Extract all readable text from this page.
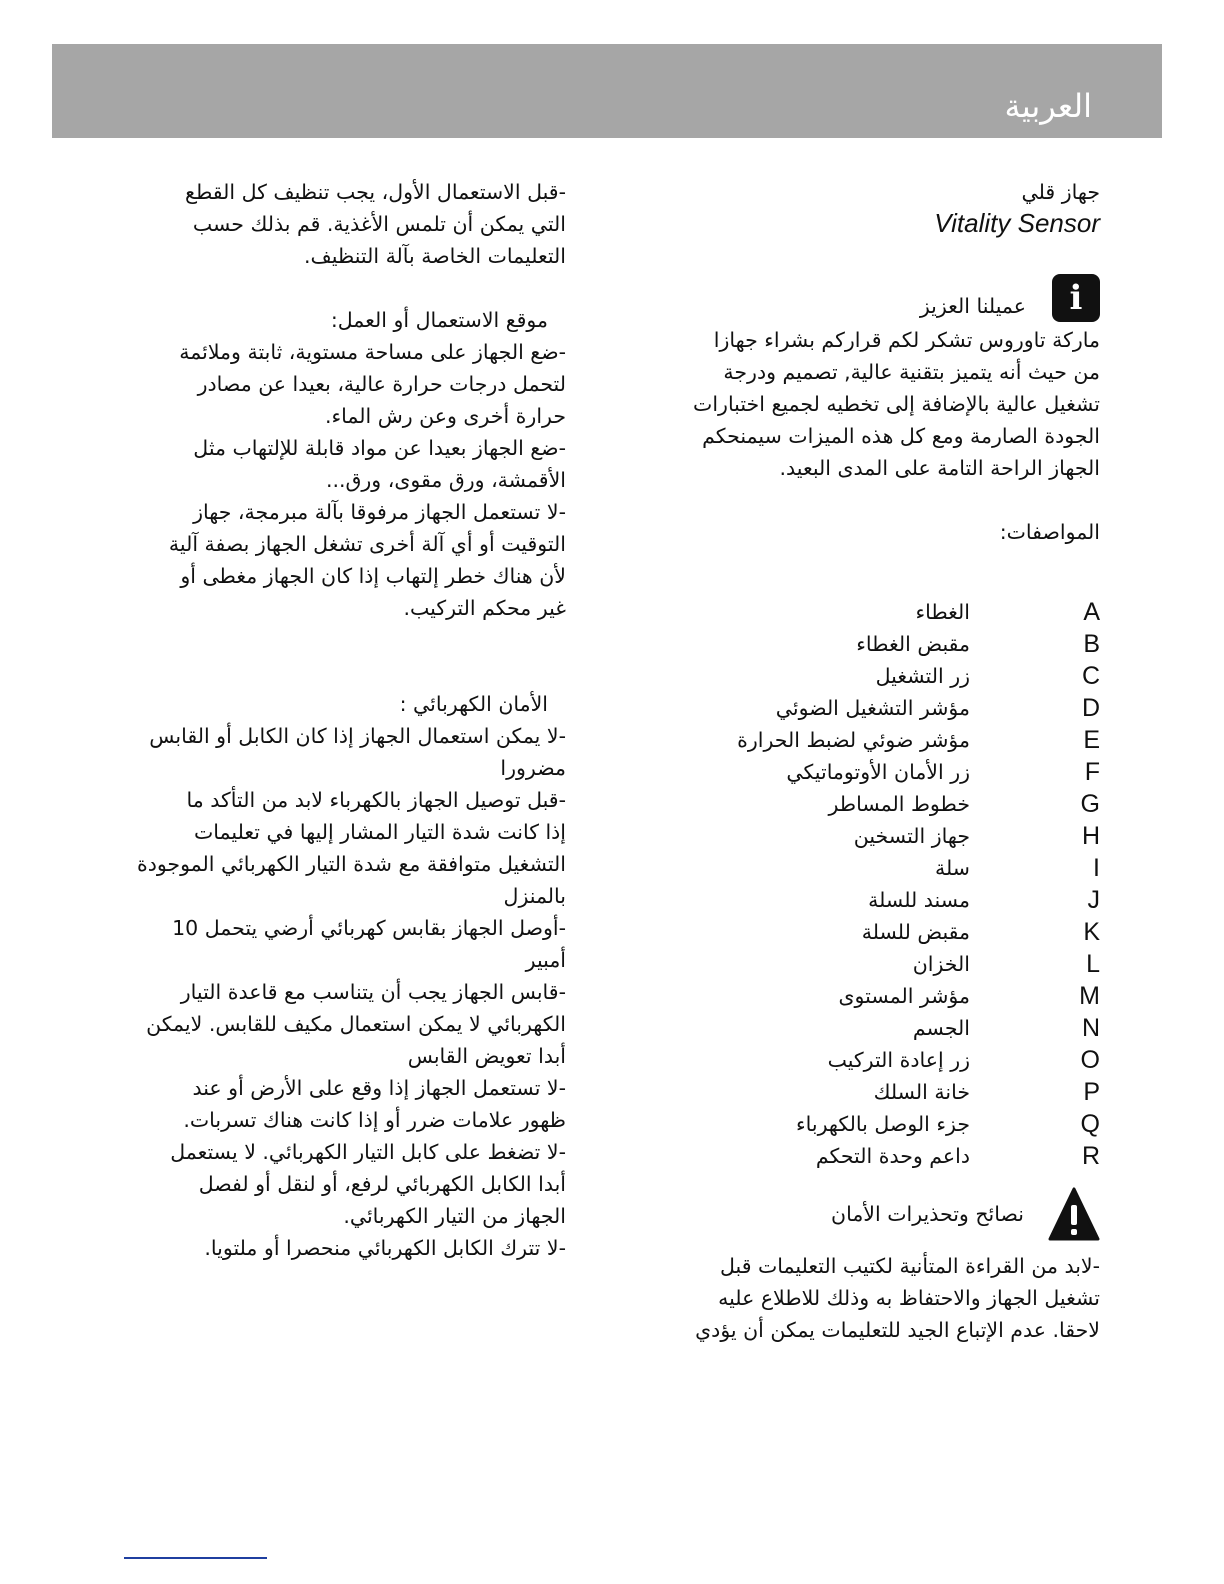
العربية

جهاز قلي

Vitality Sensor

i
عميلنا العزيز

ماركة تاوروس تشكر لكم قراركم بشراء جهازا

من حيث أنه يتميز بتقنية عالية, تصميم ودرجة

تشغيل عالية بالإضافة إلى تخطيه لجميع اختبارات

الجودة الصارمة ومع كل هذه الميزات سيمنحكم

الجهاز الراحة التامة على المدى البعيد.

المواصفات:

A
الغطاء
B
مقبض الغطاء
C
زر التشغيل
D
مؤشر التشغيل الضوئي
E
مؤشر ضوئي لضبط الحرارة
F
زر الأمان الأوتوماتيكي
G
خطوط المساطر
H
جهاز التسخين
I
سلة
J
مسند للسلة
K
مقبض للسلة
L
الخزان
M
مؤشر المستوى
N
الجسم
O
زر إعادة التركيب
P
خانة السلك
Q
جزء الوصل بالكهرباء
R
داعم وحدة التحكم
نصائح وتحذيرات الأمان

-لابد من القراءة المتأنية لكتيب التعليمات قبل

تشغيل الجهاز والاحتفاظ به وذلك للاطلاع عليه

لاحقا. عدم الإتباع الجيد للتعليمات يمكن أن يؤدي

-قبل الاستعمال الأول، يجب تنظيف كل القطع

التي يمكن أن تلمس الأغذية. قم بذلك حسب

التعليمات الخاصة بآلة التنظيف.

موقع الاستعمال أو العمل:

-ضع الجهاز على مساحة مستوية، ثابتة وملائمة

لتحمل درجات حرارة عالية، بعيدا عن مصادر

حرارة أخرى وعن رش الماء.

-ضع الجهاز بعيدا عن مواد قابلة للإلتهاب مثل

الأقمشة، ورق مقوى، ورق...

-لا تستعمل الجهاز مرفوقا بآلة مبرمجة، جهاز

التوقيت أو أي آلة أخرى تشغل الجهاز بصفة آلية

لأن هناك خطر إلتهاب إذا كان الجهاز مغطى أو

غير محكم التركيب.

الأمان الكهربائي :

-لا يمكن استعمال الجهاز إذا كان الكابل أو القابس

مضرورا

-قبل توصيل الجهاز بالكهرباء لابد من التأكد ما

إذا كانت شدة التيار المشار إليها في تعليمات

التشغيل متوافقة مع شدة التيار الكهربائي الموجودة

بالمنزل

-أوصل الجهاز بقابس كهربائي أرضي يتحمل 10

أمبير

-قابس الجهاز يجب أن يتناسب مع قاعدة التيار

الكهربائي لا يمكن استعمال مكيف للقابس. لايمكن

أبدا تعويض القابس

-لا تستعمل الجهاز إذا وقع على الأرض أو عند

ظهور علامات ضرر أو إذا كانت هناك تسربات.

-لا تضغط على كابل التيار الكهربائي. لا يستعمل

أبدا الكابل الكهربائي لرفع، أو لنقل أو لفصل

الجهاز من التيار الكهربائي.

-لا تترك الكابل الكهربائي منحصرا أو ملتويا.
